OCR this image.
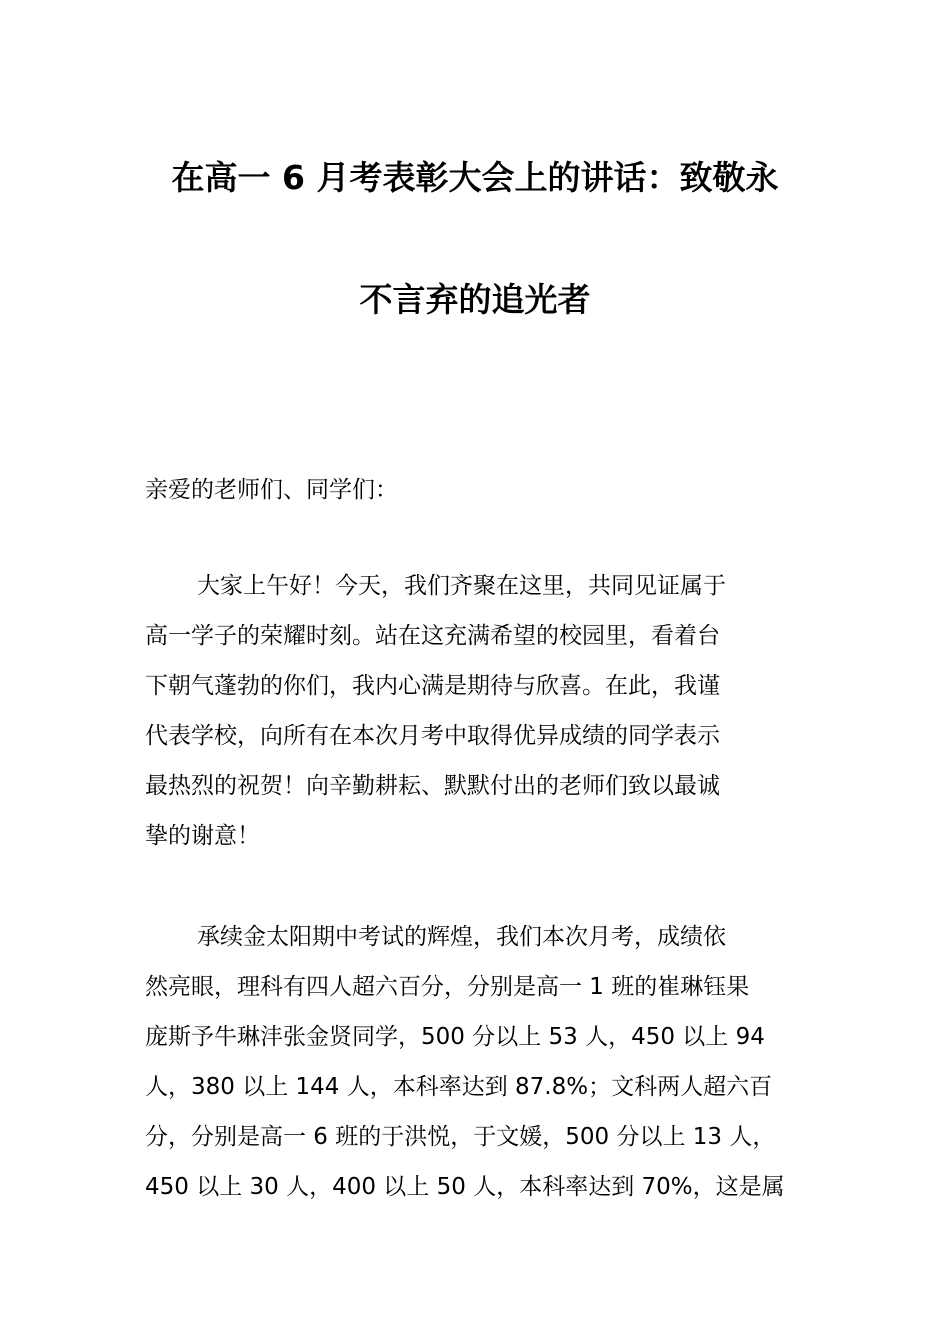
在高一 6 月考表彰大会上的讲话：致敬永
不言弃的追光者
亲爱的老师们、同学们：
大家上午好！今天，我们齐聚在这里，共同见证属于
高一学子的荣耀时刻。站在这充满希望的校园里，看着台
下朝气蓬勃的你们，我内心满是期待与欣喜。在此，我谨
代表学校，向所有在本次月考中取得优异成绩的同学表示
最热烈的祝贺！向辛勤耕耘、默默付出的老师们致以最诚
挚的谢意！
承续金太阳期中考试的辉煌，我们本次月考，成绩依
然亮眼，理科有四人超六百分，分别是高一 1 班的崔琳钰果
庞斯予牛琳沣张金贤同学，500 分以上 53 人，450 以上 94
人，380 以上 144 人，本科率达到 87.8%；文科两人超六百
分，分别是高一 6 班的于洪悦，于文媛，500 分以上 13 人，
450 以上 30 人，400 以上 50 人，本科率达到 70%，这是属
